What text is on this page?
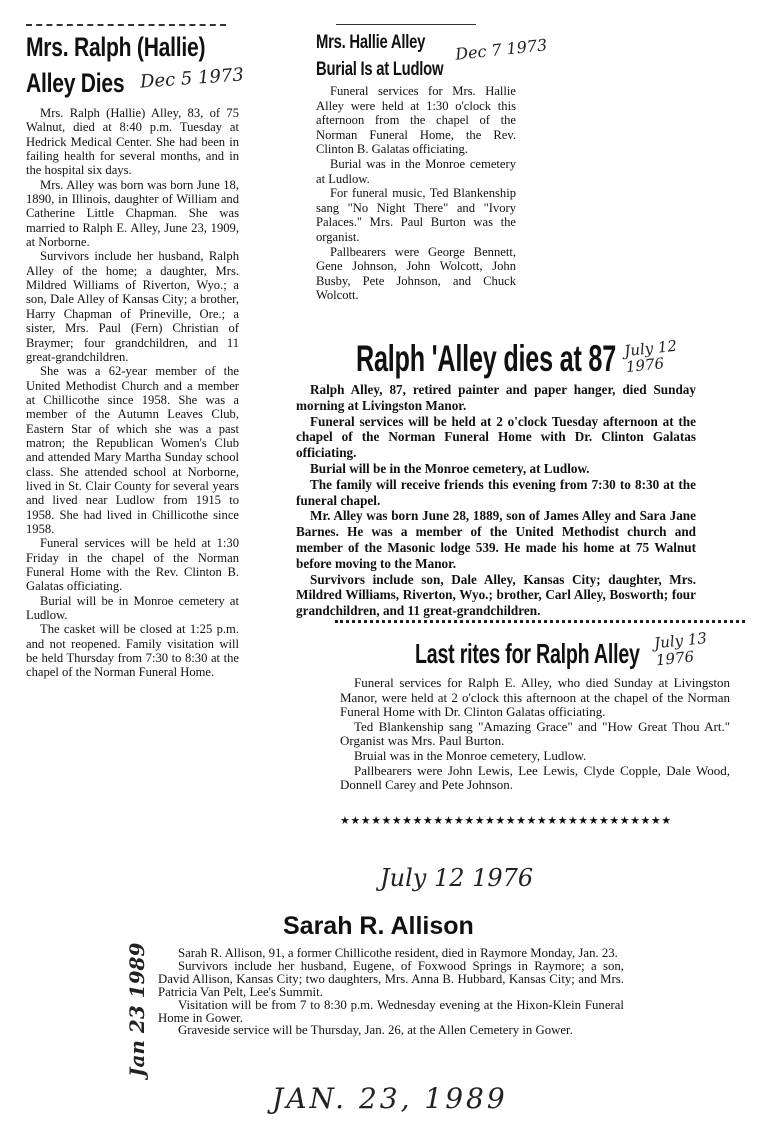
Mrs. Ralph (Hallie)
Alley Dies

Mrs. Ralph (Hallie) Alley, 83, of 75 Walnut, died at 8:40 p.m. Tuesday at Hedrick Medical Center. She had been in failing health for several months, and in the hospital six days.

Mrs. Alley was born was born June 18, 1890, in Illinois, daughter of William and Catherine Little Chapman. She was married to Ralph E. Alley, June 23, 1909, at Norborne.

Survivors include her husband, Ralph Alley of the home; a daughter, Mrs. Mildred Williams of Riverton, Wyo.; a son, Dale Alley of Kansas City; a brother, Harry Chapman of Prineville, Ore.; a sister, Mrs. Paul (Fern) Christian of Braymer; four grandchildren, and 11 great-grandchildren.

She was a 62-year member of the United Methodist Church and a member at Chillicothe since 1958. She was a member of the Autumn Leaves Club, Eastern Star of which she was a past matron; the Republican Women's Club and attended Mary Martha Sunday school class. She attended school at Norborne, lived in St. Clair County for several years and lived near Ludlow from 1915 to 1958. She had lived in Chillicothe since 1958.

Funeral services will be held at 1:30 Friday in the chapel of the Norman Funeral Home with the Rev. Clinton B. Galatas officiating.

Burial will be in Monroe cemetery at Ludlow.

The casket will be closed at 1:25 p.m. and not reopened. Family visitation will be held Thursday from 7:30 to 8:30 at the chapel of the Norman Funeral Home.

Dec 5 1973
Mrs. Hallie Alley
Burial Is at Ludlow

Funeral services for Mrs. Hallie Alley were held at 1:30 o'clock this afternoon from the chapel of the Norman Funeral Home, the Rev. Clinton B. Galatas officiating.

Burial was in the Monroe cemetery at Ludlow.

For funeral music, Ted Blankenship sang "No Night There" and "Ivory Palaces." Mrs. Paul Burton was the organist.

Pallbearers were George Bennett, Gene Johnson, John Wolcott, John Busby, Pete Johnson, and Chuck Wolcott.

Dec 7 1973
Ralph 'Alley dies at 87

Ralph Alley, 87, retired painter and paper hanger, died Sunday morning at Livingston Manor.

Funeral services will be held at 2 o'clock Tuesday afternoon at the chapel of the Norman Funeral Home with Dr. Clinton Galatas officiating.

Burial will be in the Monroe cemetery, at Ludlow.

The family will receive friends this evening from 7:30 to 8:30 at the funeral chapel.

Mr. Alley was born June 28, 1889, son of James Alley and Sara Jane Barnes. He was a member of the United Methodist church and member of the Masonic lodge 539. He made his home at 75 Walnut before moving to the Manor.

Survivors include son, Dale Alley, Kansas City; daughter, Mrs. Mildred Williams, Riverton, Wyo.; brother, Carl Alley, Bosworth; four grandchildren, and 11 great-grandchildren.

July 12 1976
Last rites for Ralph Alley

Funeral services for Ralph E. Alley, who died Sunday at Livingston Manor, were held at 2 o'clock this afternoon at the chapel of the Norman Funeral Home with Dr. Clinton Galatas officiating.

Ted Blankenship sang "Amazing Grace" and "How Great Thou Art." Organist was Mrs. Paul Burton.

Bruial was in the Monroe cemetery, Ludlow.

Pallbearers were John Lewis, Lee Lewis, Clyde Copple, Dale Wood, Donnell Carey and Pete Johnson.

★★★★★★★★★★★★★★★★★★★★★★★★★★★★★★★★
July 13 1976
July 12 1976
Sarah R. Allison

Sarah R. Allison, 91, a former Chillicothe resident, died in Raymore Monday, Jan. 23.

Survivors include her husband, Eugene, of Foxwood Springs in Raymore; a son, David Allison, Kansas City; two daughters, Mrs. Anna B. Hubbard, Kansas City; and Mrs. Patricia Van Pelt, Lee's Summit.

Visitation will be from 7 to 8:30 p.m. Wednesday evening at the Hixon-Klein Funeral Home in Gower.

Graveside service will be Thursday, Jan. 26, at the Allen Cemetery in Gower.

Jan 23 1989
JAN. 23, 1989
